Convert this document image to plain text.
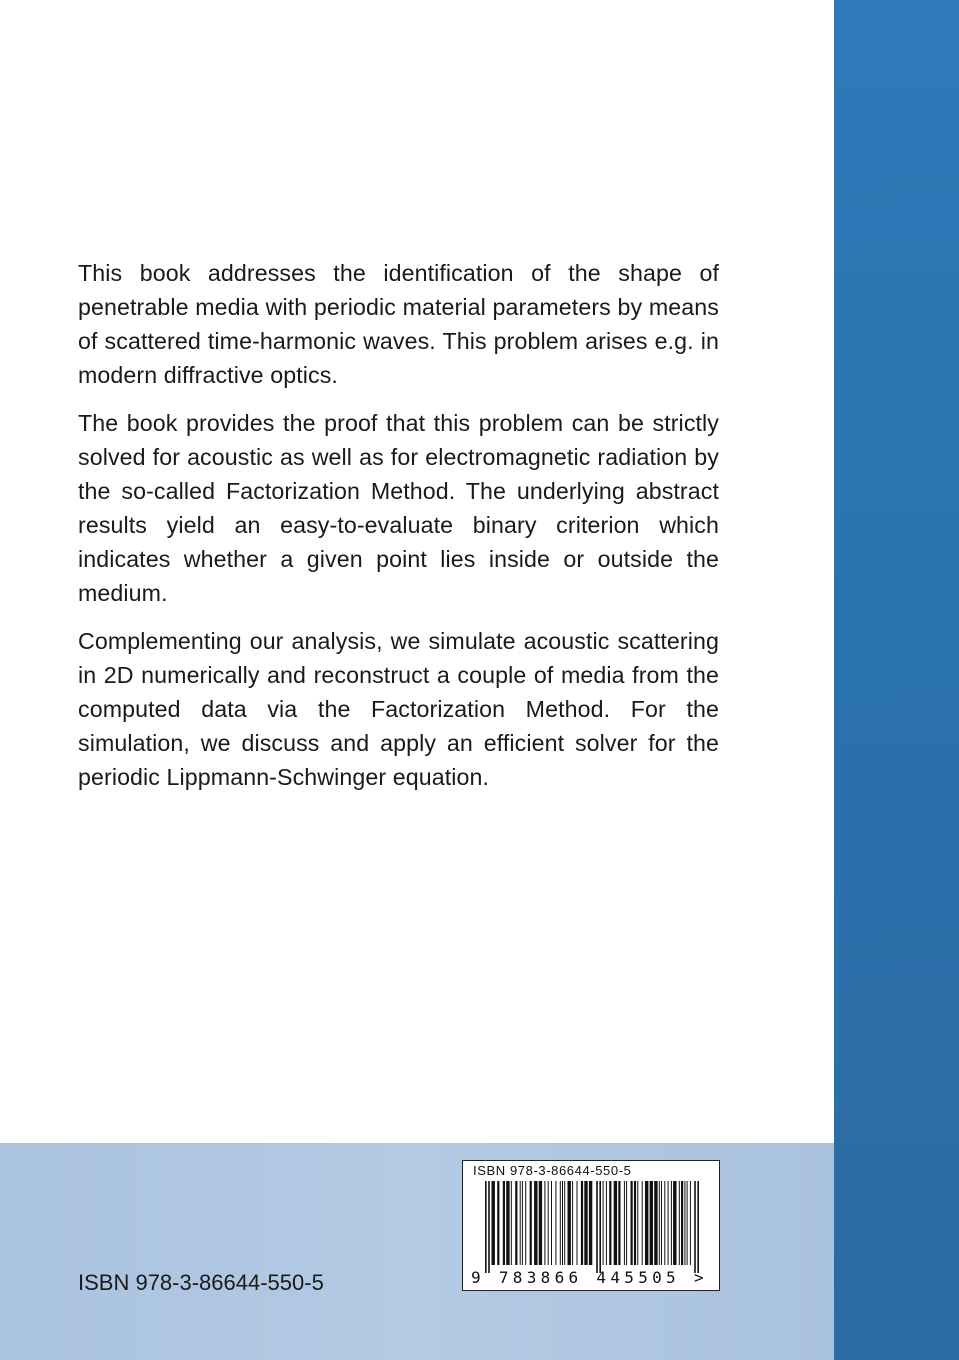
This book addresses the identification of the shape of penetrable media with periodic material parameters by means of scattered time-harmonic waves. This problem arises e.g. in modern diffractive optics.

The book provides the proof that this problem can be strictly solved for acoustic as well as for electromagnetic radiation by the so-called Factorization Method. The underlying abstract results yield an easy-to-evaluate binary criterion which indicates whether a given point lies inside or outside the medium.

Complementing our analysis, we simulate acoustic scattering in 2D numerically and reconstruct a couple of media from the computed data via the Factorization Method. For the simulation, we discuss and apply an efficient solver for the periodic Lippmann-Schwinger equation.

ISBN 978-3-86644-550-5
9 783866 445505 >
ISBN 978-3-86644-550-5
